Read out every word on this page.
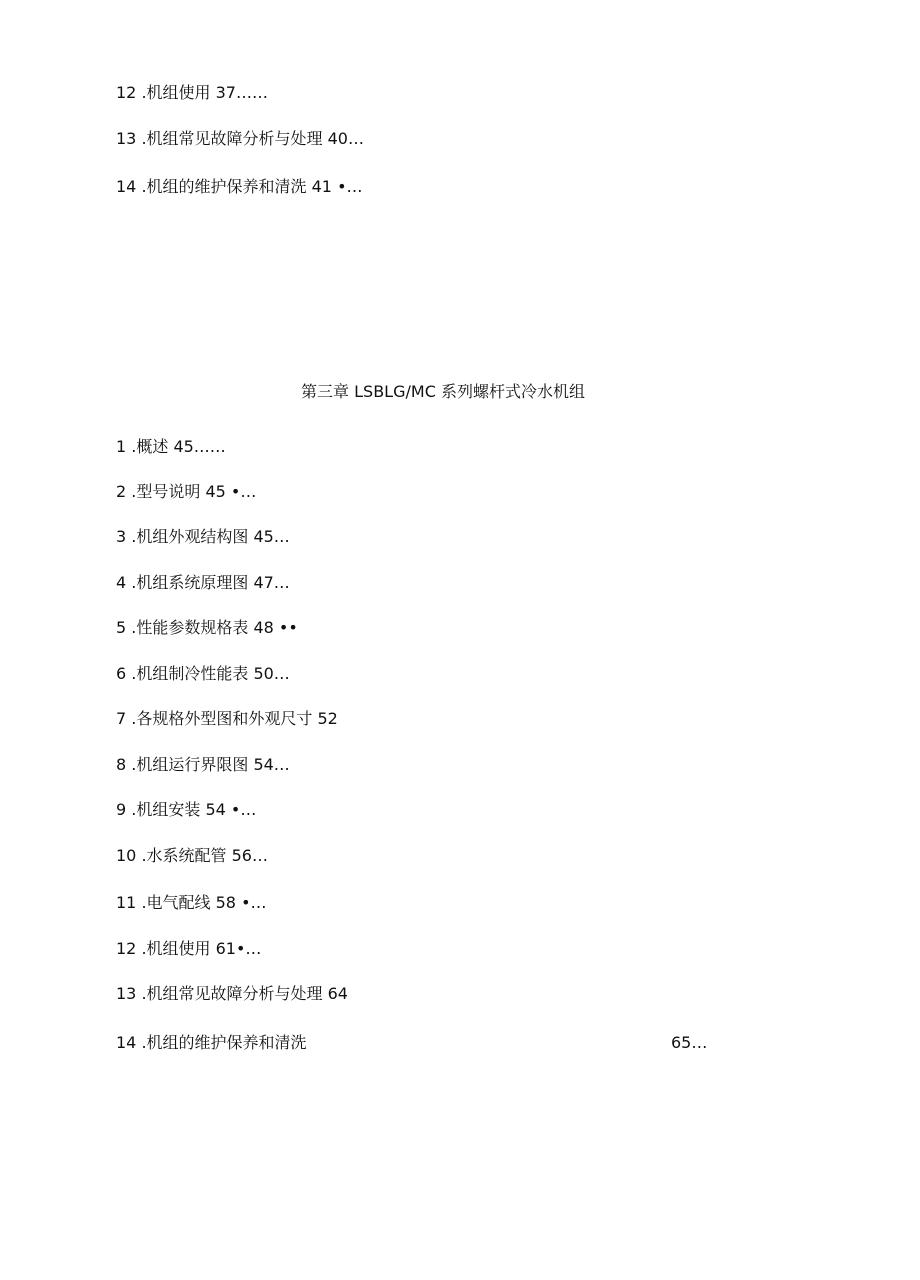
12 .机组使用 37……
13 .机组常见故障分析与处理 40…
14 .机组的维护保养和清洗 41 •…
第三章 LSBLG/MC 系列螺杆式冷水机组
1 .概述 45……
2 .型号说明 45 •…
3 .机组外观结构图 45…
4 .机组系统原理图 47…
5 .性能参数规格表 48 ••
6 .机组制冷性能表 50…
7 .各规格外型图和外观尺寸 52
8 .机组运行界限图 54…
9 .机组安装 54 •…
10 .水系统配管 56…
11 .电气配线 58 •…
12 .机组使用 61•…
13 .机组常见故障分析与处理 64
14 .机组的维护保养和清洗	65…
